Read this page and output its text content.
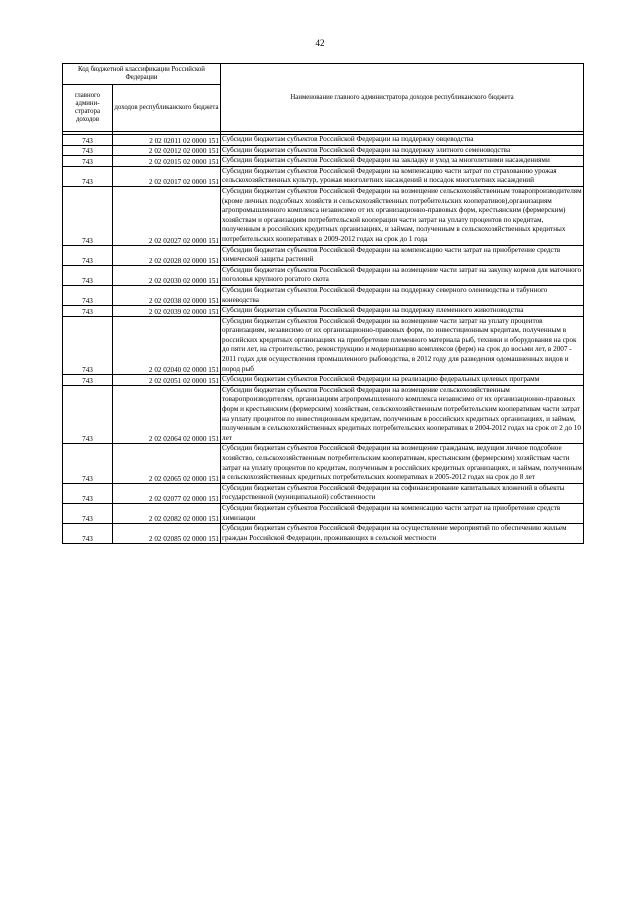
42
Код бюджетной классификации Российской Федерации		Наименование главного администратора доходов республиканского бюджета
главного админи-стратора доходов	доходов республиканского бюджета	

743	2 02 02011 02 0000 151	Субсидии бюджетам субъектов Российской Федерации на поддержку овцеводства
743	2 02 02012 02 0000 151	Субсидии бюджетам субъектов Российской Федерации на поддержку элитного семеноводства
743	2 02 02015 02 0000 151	Субсидии бюджетам субъектов Российской Федерации на закладку и уход за многолетними насаждениями
743	2 02 02017 02 0000 151	Субсидии бюджетам субъектов Российской Федерации на компенсацию части затрат по страхованию урожая сельскохозяйственных культур, урожая многолетних насаждений и посадок многолетних насаждений
743	2 02 02027 02 0000 151	Субсидии бюджетам субъектов Российской Федерации на возмещение сельскохозяйственным товаропроизводителям (кроме личных подсобных хозяйств и сельскохозяйственных потребительских кооперативов),организациям агропромышленного комплекса независимо от их организационно-правовых форм, крестьянским (фермерским) хозяйствам и организациям потребительской кооперации части затрат на уплату процентов по кредитам, полученным в российских кредитных организациях, и займам, полученным в сельскохозяйственных кредитных потребительских кооперативах в 2009-2012 годах на срок до 1 года
743	2 02 02028 02 0000 151	Субсидии бюджетам субъектов Российской Федерации на компенсацию части затрат на приобретение средств химической защиты растений
743	2 02 02030 02 0000 151	Субсидии бюджетам субъектов Российской Федерации на возмещение части затрат на закупку кормов для маточного поголовья крупного рогатого скота
743	2 02 02038 02 0000 151	Субсидии бюджетам субъектов Российской Федерации на поддержку северного оленеводства и табунного коневодства
743	2 02 02039 02 0000 151	Субсидии бюджетам субъектов Российской Федерации на поддержку племенного животноводства
743	2 02 02040 02 0000 151	Субсидии бюджетам субъектов Российской Федерации на возмещение части затрат на уплату процентов организациям, независимо от их организационно-правовых форм, по инвестиционным кредитам, полученным в российских кредитных организациях на приобретение племенного материала рыб, техники и оборудования на срок до пяти лет, на строительство, реконструкцию и модернизацию комплексов (ферм) на срок до восьми лет, в 2007 - 2011 годах для осуществления промышленного рыбоводства, в 2012 году для разведения одомашненных видов и пород рыб
743	2 02 02051 02 0000 151	Субсидии бюджетам субъектов Российской Федерации на реализацию федеральных целевых программ
743	2 02 02064 02 0000 151	Субсидии бюджетам субъектов Российской Федерации на возмещение сельскохозяйственным товаропроизводителям, организациям агропромышленного комплекса независимо от их организационно-правовых форм и крестьянским (фермерским) хозяйствам, сельскохозяйственным потребительским кооперативам части затрат на уплату процентов по инвестиционным кредитам, полученным в российских кредитных организациях, и займам, полученным в сельскохозяйственных кредитных потребительских кооперативах в 2004-2012 годах на срок от 2 до 10 лет
743	2 02 02065 02 0000 151	Субсидии бюджетам субъектов Российской Федерации на возмещение гражданам, ведущим личное подсобное хозяйство, сельскохозяйственным потребительским кооперативам, крестьянским (фермерским) хозяйствам части затрат на уплату процентов по кредитам, полученным в российских кредитных организациях, и займам, полученным в сельскохозяйственных кредитных потребительских кооперативах в 2005-2012 годах на срок до 8 лет
743	2 02 02077 02 0000 151	Субсидии бюджетам субъектов Российской Федерации на софинансирование капитальных вложений в объекты государственной (муниципальной) собственности
743	2 02 02082 02 0000 151	Субсидии бюджетам субъектов Российской Федерации на компенсацию части затрат на приобретение средств химизации
743	2 02 02085 02 0000 151	Субсидии бюджетам субъектов Российской Федерации на осуществление мероприятий по обеспечению жильем граждан Российской Федерации, проживающих в сельской местности
